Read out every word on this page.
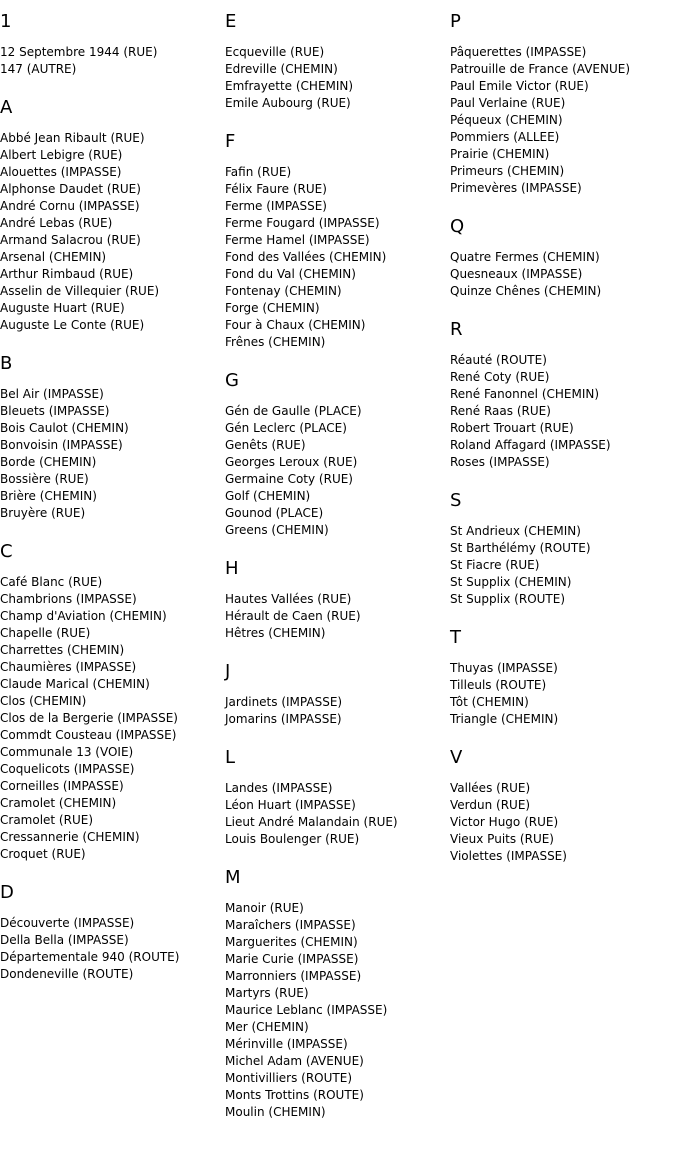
1
12 Septembre 1944 (RUE)
147 (AUTRE)
A
Abbé Jean Ribault (RUE)
Albert Lebigre (RUE)
Alouettes (IMPASSE)
Alphonse Daudet (RUE)
André Cornu (IMPASSE)
André Lebas (RUE)
Armand Salacrou (RUE)
Arsenal (CHEMIN)
Arthur Rimbaud (RUE)
Asselin de Villequier (RUE)
Auguste Huart (RUE)
Auguste Le Conte (RUE)
B
Bel Air (IMPASSE)
Bleuets (IMPASSE)
Bois Caulot (CHEMIN)
Bonvoisin (IMPASSE)
Borde (CHEMIN)
Bossière (RUE)
Brière (CHEMIN)
Bruyère (RUE)
C
Café Blanc (RUE)
Chambrions (IMPASSE)
Champ d'Aviation (CHEMIN)
Chapelle (RUE)
Charrettes (CHEMIN)
Chaumières (IMPASSE)
Claude Marical (CHEMIN)
Clos (CHEMIN)
Clos de la Bergerie (IMPASSE)
Commdt Cousteau (IMPASSE)
Communale 13 (VOIE)
Coquelicots (IMPASSE)
Corneilles (IMPASSE)
Cramolet (CHEMIN)
Cramolet (RUE)
Cressannerie (CHEMIN)
Croquet (RUE)
D
Découverte (IMPASSE)
Della Bella (IMPASSE)
Départementale 940 (ROUTE)
Dondeneville (ROUTE)
E
Ecqueville (RUE)
Edreville (CHEMIN)
Emfrayette (CHEMIN)
Emile Aubourg (RUE)
F
Fafin (RUE)
Félix Faure (RUE)
Ferme (IMPASSE)
Ferme Fougard (IMPASSE)
Ferme Hamel (IMPASSE)
Fond des Vallées (CHEMIN)
Fond du Val (CHEMIN)
Fontenay (CHEMIN)
Forge (CHEMIN)
Four à Chaux (CHEMIN)
Frênes (CHEMIN)
G
Gén de Gaulle (PLACE)
Gén Leclerc (PLACE)
Genêts (RUE)
Georges Leroux (RUE)
Germaine Coty (RUE)
Golf (CHEMIN)
Gounod (PLACE)
Greens (CHEMIN)
H
Hautes Vallées (RUE)
Hérault de Caen (RUE)
Hêtres (CHEMIN)
J
Jardinets (IMPASSE)
Jomarins (IMPASSE)
L
Landes (IMPASSE)
Léon Huart (IMPASSE)
Lieut André Malandain (RUE)
Louis Boulenger (RUE)
M
Manoir (RUE)
Maraîchers (IMPASSE)
Marguerites (CHEMIN)
Marie Curie (IMPASSE)
Marronniers (IMPASSE)
Martyrs (RUE)
Maurice Leblanc (IMPASSE)
Mer (CHEMIN)
Mérinville (IMPASSE)
Michel Adam (AVENUE)
Montivilliers (ROUTE)
Monts Trottins (ROUTE)
Moulin (CHEMIN)
P
Pâquerettes (IMPASSE)
Patrouille de France (AVENUE)
Paul Emile Victor (RUE)
Paul Verlaine (RUE)
Péqueux (CHEMIN)
Pommiers (ALLEE)
Prairie (CHEMIN)
Primeurs (CHEMIN)
Primevères (IMPASSE)
Q
Quatre Fermes (CHEMIN)
Quesneaux (IMPASSE)
Quinze Chênes (CHEMIN)
R
Réauté (ROUTE)
René Coty (RUE)
René Fanonnel (CHEMIN)
René Raas (RUE)
Robert Trouart (RUE)
Roland Affagard (IMPASSE)
Roses (IMPASSE)
S
St Andrieux (CHEMIN)
St Barthélémy (ROUTE)
St Fiacre (RUE)
St Supplix (CHEMIN)
St Supplix (ROUTE)
T
Thuyas (IMPASSE)
Tilleuls (ROUTE)
Tôt (CHEMIN)
Triangle (CHEMIN)
V
Vallées (RUE)
Verdun (RUE)
Victor Hugo (RUE)
Vieux Puits (RUE)
Violettes (IMPASSE)
